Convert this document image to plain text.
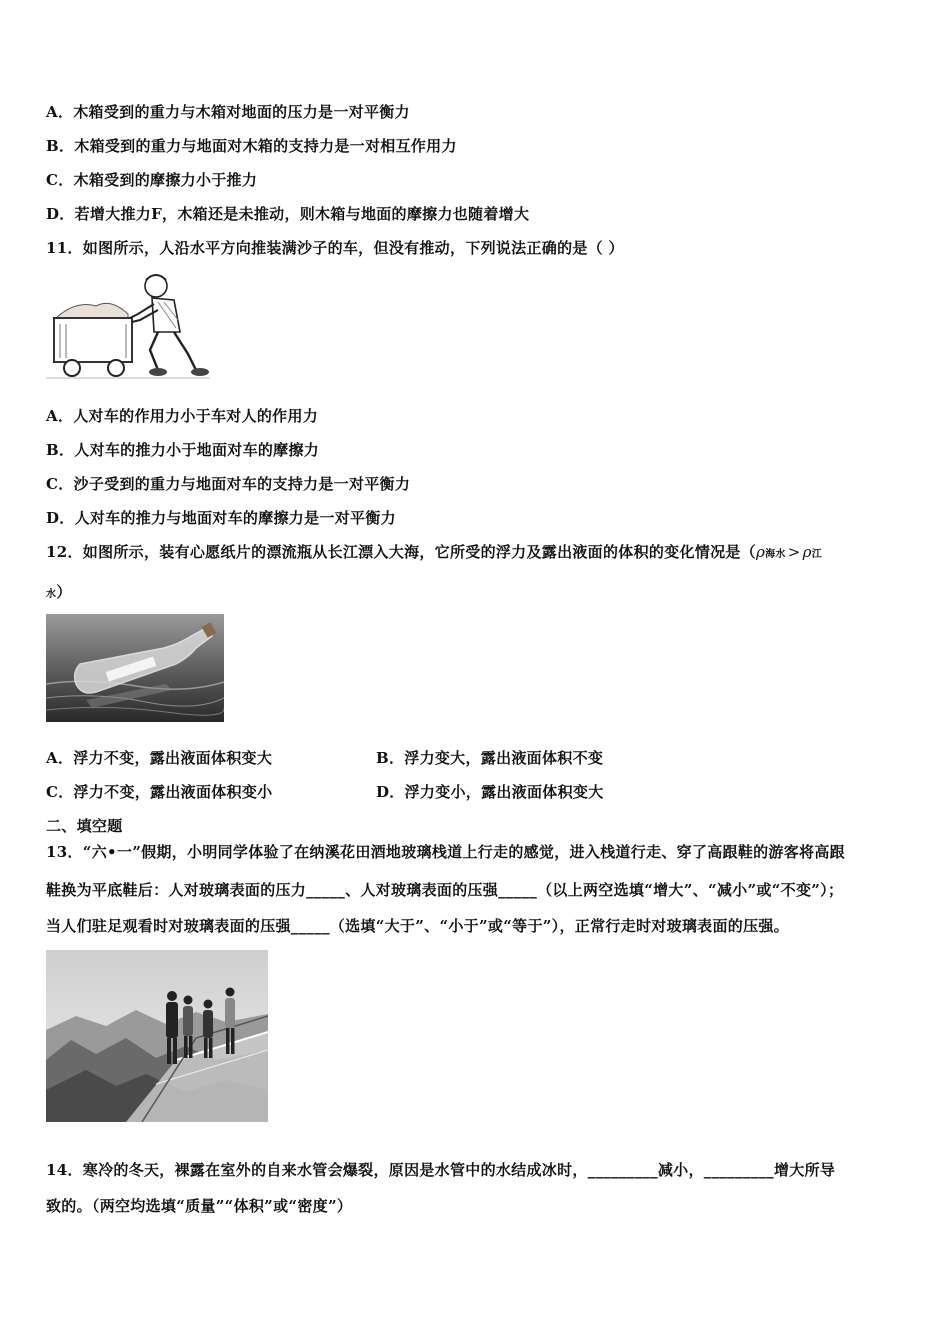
A．木箱受到的重力与木箱对地面的压力是一对平衡力
B．木箱受到的重力与地面对木箱的支持力是一对相互作用力
C．木箱受到的摩擦力小于推力
D．若增大推力F，木箱还是未推动，则木箱与地面的摩擦力也随着增大
11．如图所示，人沿水平方向推装满沙子的车，但没有推动，下列说法正确的是（ ）
A．人对车的作用力小于车对人的作用力
B．人对车的推力小于地面对车的摩擦力
C．沙子受到的重力与地面对车的支持力是一对平衡力
D．人对车的推力与地面对车的摩擦力是一对平衡力
12．如图所示，装有心愿纸片的漂流瓶从长江漂入大海，它所受的浮力及露出液面的体积的变化情况是（ρ海水 > ρ江
水）
A．浮力不变，露出液面体积变大	B．浮力变大，露出液面体积不变
C．浮力不变，露出液面体积变小	D．浮力变小，露出液面体积变大
二、填空题
13．“六•一”假期，小明同学体验了在纳溪花田酒地玻璃栈道上行走的感觉，进入栈道行走、穿了高跟鞋的游客将高跟
鞋换为平底鞋后：人对玻璃表面的压力_____、人对玻璃表面的压强_____（以上两空选填“增大”、“减小”或“不变”）；
当人们驻足观看时对玻璃表面的压强_____（选填“大于”、“小于”或“等于”），正常行走时对玻璃表面的压强。
14．寒冷的冬天，裸露在室外的自来水管会爆裂，原因是水管中的水结成冰时，_________减小，_________增大所导
致的。（两空均选填“质量”“体积”或“密度”）
